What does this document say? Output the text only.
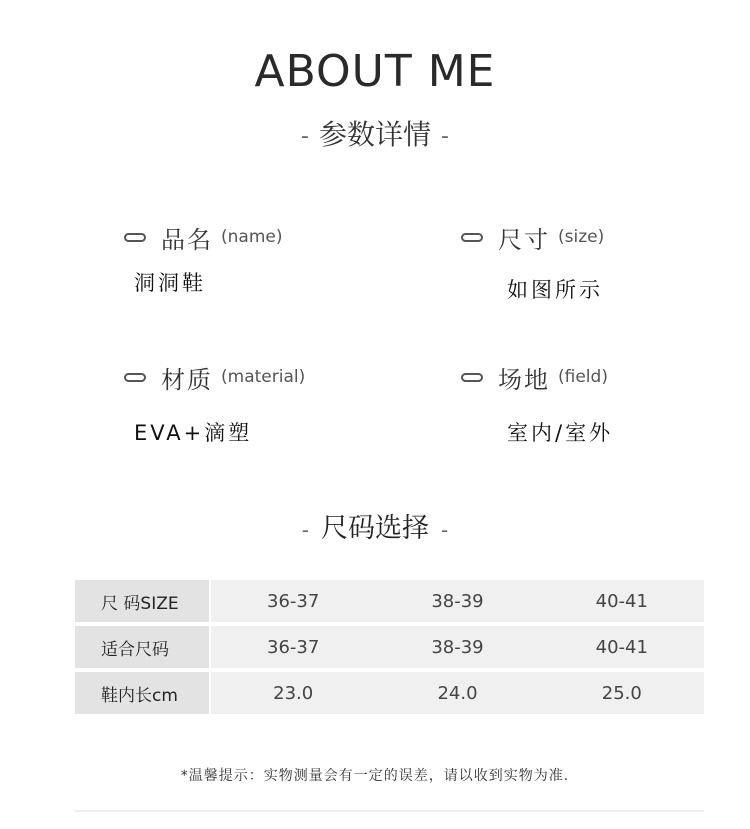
ABOUT ME
- 参数详情 -
品名 (name)
洞洞鞋
尺寸 (size)
如图所示
材质 (material)
EVA+滴塑
场地 (field)
室内/室外
- 尺码选择 -
尺 码SIZE	36-37	38-39	40-41
适合尺码	36-37	38-39	40-41
鞋内长cm	23.0	24.0	25.0
*温馨提示：实物测量会有一定的误差，请以收到实物为准.
